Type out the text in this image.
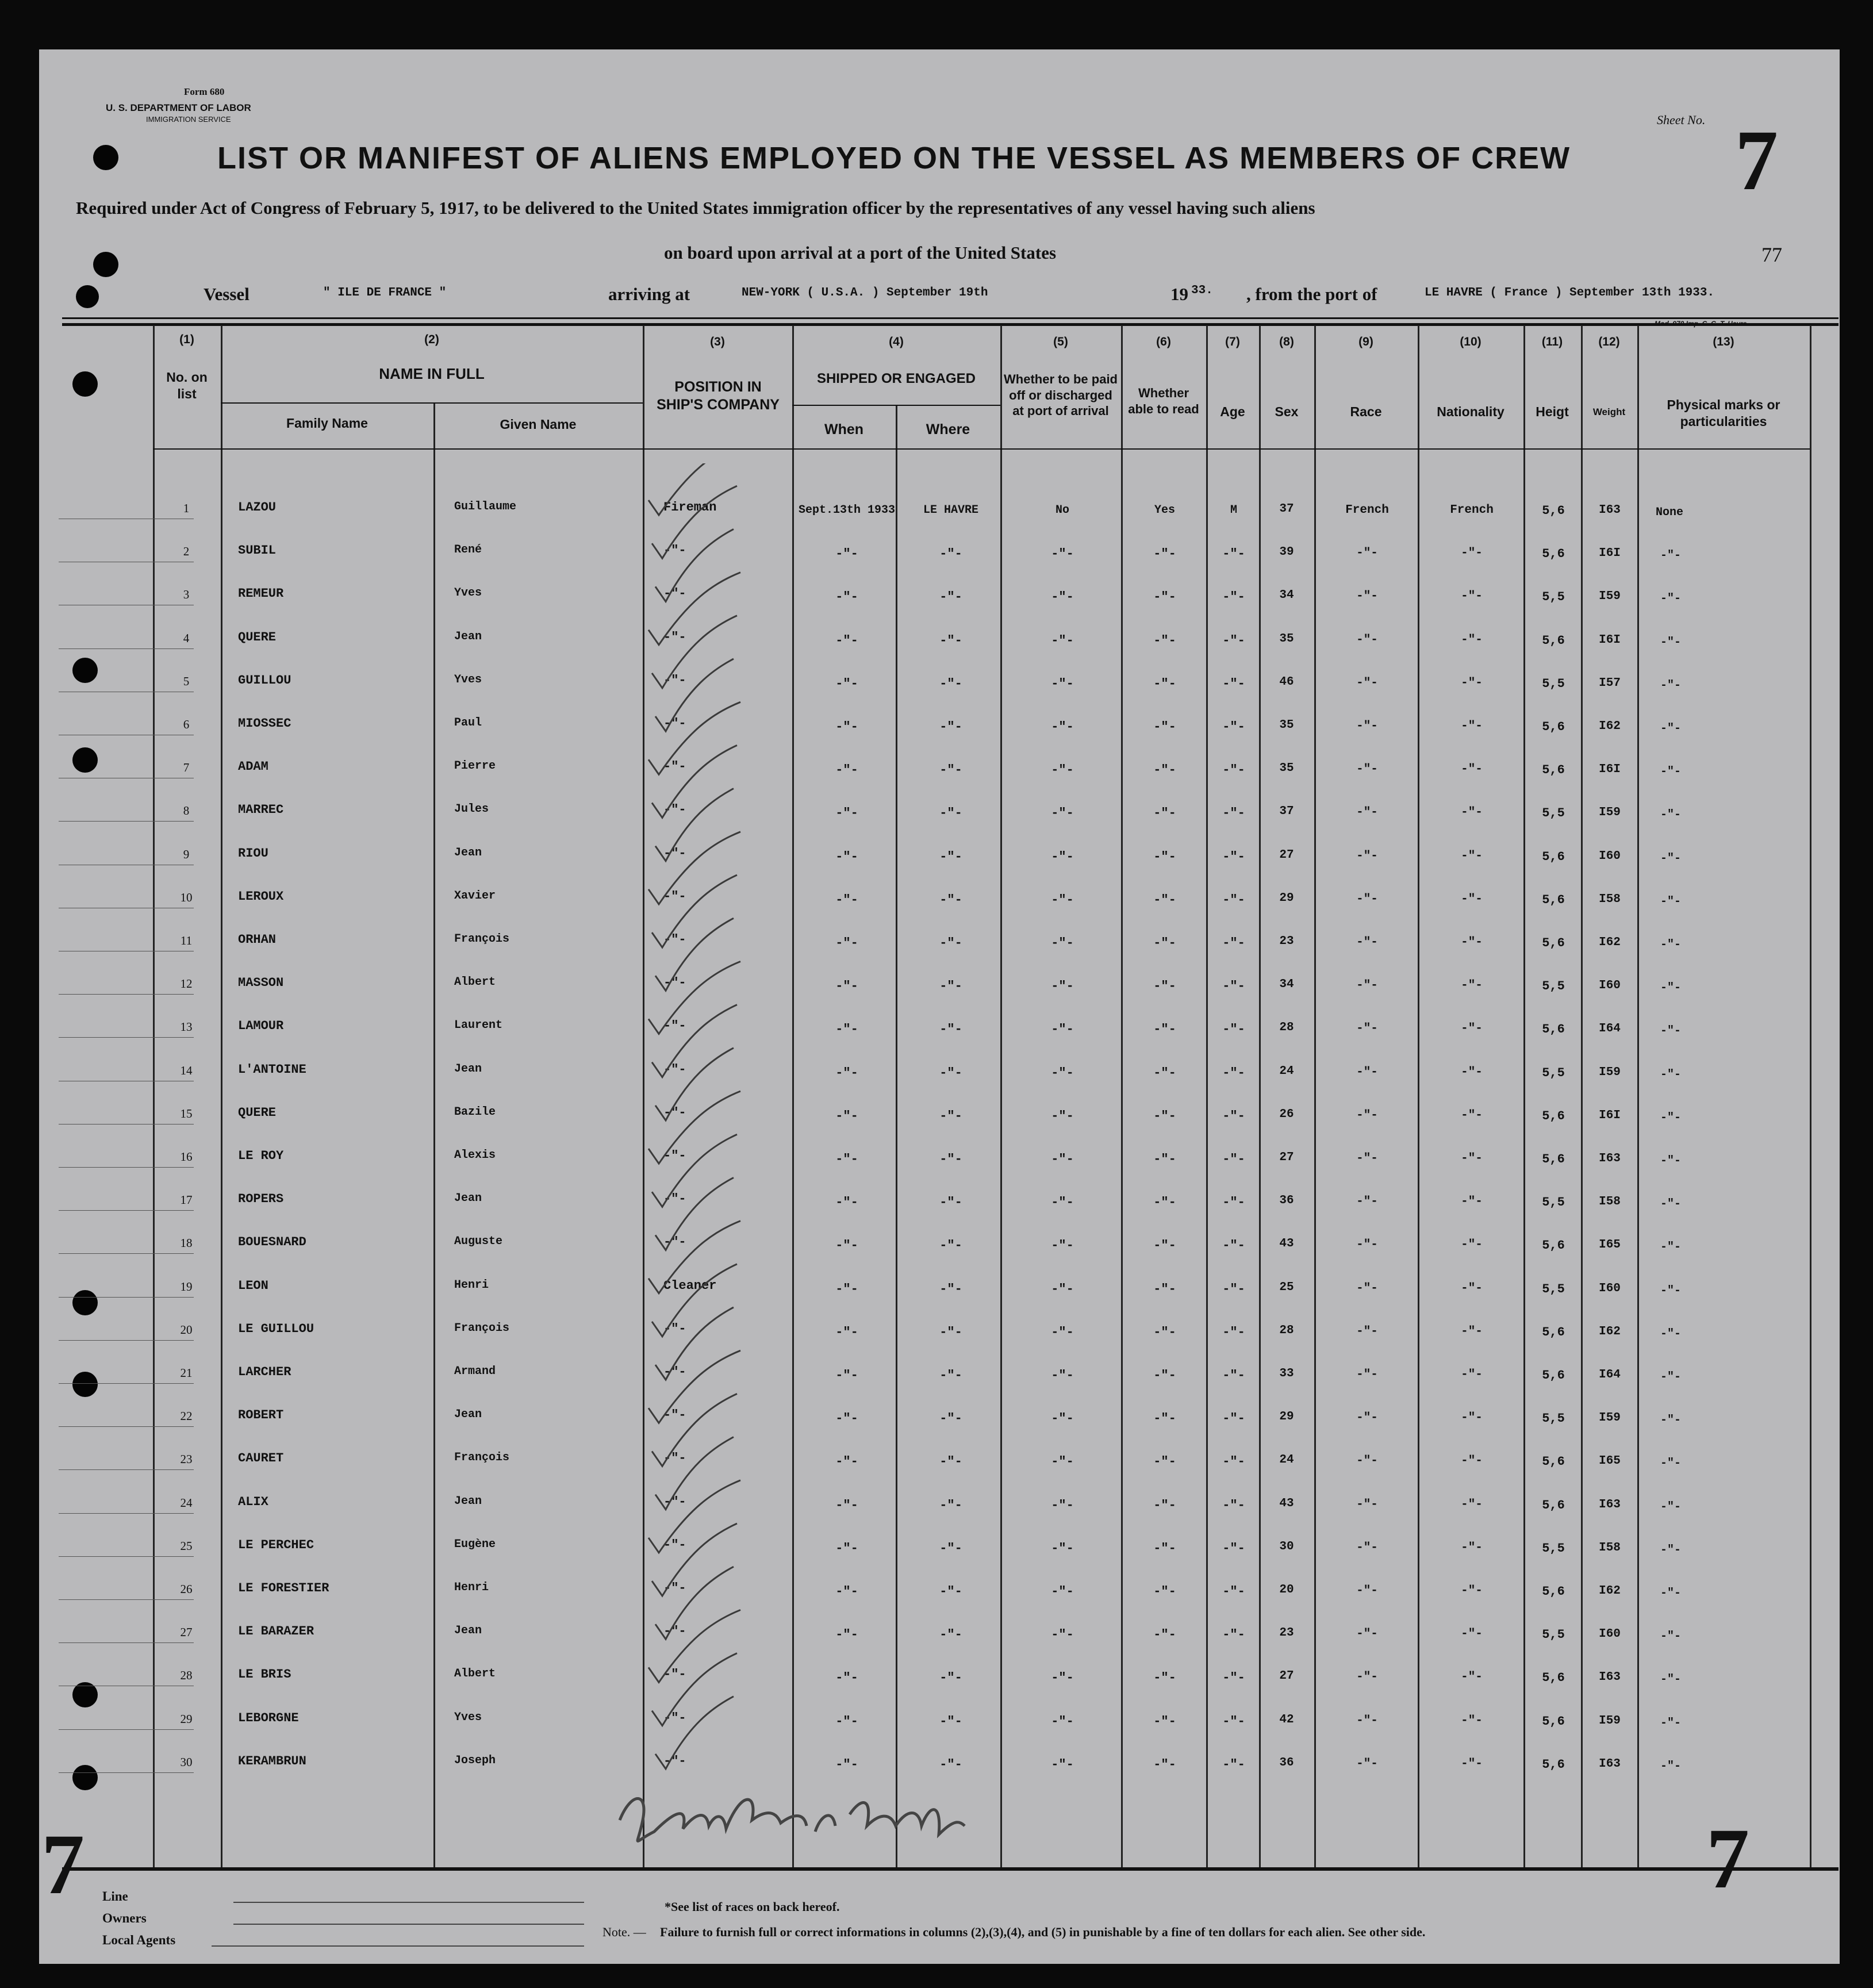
Form 680
U. S. DEPARTMENT OF LABOR
IMMIGRATION SERVICE
LIST OR MANIFEST OF ALIENS EMPLOYED ON THE VESSEL AS MEMBERS OF CREW
Sheet No. 7
Required under Act of Congress of February 5, 1917, to be delivered to the United States immigration officer by the representatives of any vessel having such aliens
on board upon arrival at a port of the United States	77
Vessel	" ILE DE FRANCE "	arriving at	NEW-YORK ( U.S.A. ) September 19th	19 33. , from the port of	LE HAVRE ( France ) September 13th 1933.
(1)
No. on list
(2)
NAME IN FULL
Family Name	Given Name
(3)
POSITION IN SHIP'S COMPANY
(4)
SHIPPED OR ENGAGED
When	Where
(5)
Whether to be paid off or discharged at port of arrival
(6)
Whether able to read
(7)
Age
(8)
Sex
(9)
Race
(10)
Nationality
(11)
Heigt
(12)
Weight
(13)
Physical marks or particularities
1	LAZOU	Guillaume	Fireman	Sept.13th 1933	LE HAVRE	No	Yes	M	37	French	French	5,6	I63	None
2	SUBIL	René	-"-	-"-	-"-	-"-	-"-	-"-	39	-"-	-"-	5,6	I6I	-"-
3	REMEUR	Yves	-"-	-"-	-"-	-"-	-"-	-"-	34	-"-	-"-	5,5	I59	-"-
4	QUERE	Jean	-"-	-"-	-"-	-"-	-"-	-"-	35	-"-	-"-	5,6	I6I	-"-
5	GUILLOU	Yves	-"-	-"-	-"-	-"-	-"-	-"-	46	-"-	-"-	5,5	I57	-"-
6	MIOSSEC	Paul	-"-	-"-	-"-	-"-	-"-	-"-	35	-"-	-"-	5,6	I62	-"-
7	ADAM	Pierre	-"-	-"-	-"-	-"-	-"-	-"-	35	-"-	-"-	5,6	I6I	-"-
8	MARREC	Jules	-"-	-"-	-"-	-"-	-"-	-"-	37	-"-	-"-	5,5	I59	-"-
9	RIOU	Jean	-"-	-"-	-"-	-"-	-"-	-"-	27	-"-	-"-	5,6	I60	-"-
10	LEROUX	Xavier	-"-	-"-	-"-	-"-	-"-	-"-	29	-"-	-"-	5,6	I58	-"-
11	ORHAN	François	-"-	-"-	-"-	-"-	-"-	-"-	23	-"-	-"-	5,6	I62	-"-
12	MASSON	Albert	-"-	-"-	-"-	-"-	-"-	-"-	34	-"-	-"-	5,5	I60	-"-
13	LAMOUR	Laurent	-"-	-"-	-"-	-"-	-"-	-"-	28	-"-	-"-	5,6	I64	-"-
14	L'ANTOINE	Jean	-"-	-"-	-"-	-"-	-"-	-"-	24	-"-	-"-	5,5	I59	-"-
15	QUERE	Bazile	-"-	-"-	-"-	-"-	-"-	-"-	26	-"-	-"-	5,6	I6I	-"-
16	LE ROY	Alexis	-"-	-"-	-"-	-"-	-"-	-"-	27	-"-	-"-	5,6	I63	-"-
17	ROPERS	Jean	-"-	-"-	-"-	-"-	-"-	-"-	36	-"-	-"-	5,5	I58	-"-
18	BOUESNARD	Auguste	-"-	-"-	-"-	-"-	-"-	-"-	43	-"-	-"-	5,6	I65	-"-
19	LEON	Henri	Cleaner	-"-	-"-	-"-	-"-	-"-	25	-"-	-"-	5,5	I60	-"-
20	LE GUILLOU	François	-"-	-"-	-"-	-"-	-"-	-"-	28	-"-	-"-	5,6	I62	-"-
21	LARCHER	Armand	-"-	-"-	-"-	-"-	-"-	-"-	33	-"-	-"-	5,6	I64	-"-
22	ROBERT	Jean	-"-	-"-	-"-	-"-	-"-	-"-	29	-"-	-"-	5,5	I59	-"-
23	CAURET	François	-"-	-"-	-"-	-"-	-"-	-"-	24	-"-	-"-	5,6	I65	-"-
24	ALIX	Jean	-"-	-"-	-"-	-"-	-"-	-"-	43	-"-	-"-	5,6	I63	-"-
25	LE PERCHEC	Eugène	-"-	-"-	-"-	-"-	-"-	-"-	30	-"-	-"-	5,5	I58	-"-
26	LE FORESTIER	Henri	-"-	-"-	-"-	-"-	-"-	-"-	20	-"-	-"-	5,6	I62	-"-
27	LE BARAZER	Jean	-"-	-"-	-"-	-"-	-"-	-"-	23	-"-	-"-	5,5	I60	-"-
28	LE BRIS	Albert	-"-	-"-	-"-	-"-	-"-	-"-	27	-"-	-"-	5,6	I63	-"-
29	LEBORGNE	Yves	-"-	-"-	-"-	-"-	-"-	-"-	42	-"-	-"-	5,6	I59	-"-
30	KERAMBRUN	Joseph	-"-	-"-	-"-	-"-	-"-	-"-	36	-"-	-"-	5,6	I63	-"-
7	7
Line
Owners
Local Agents
*See list of races on back hereof.
Note. — Failure to furnish full or correct informations in columns (2),(3),(4), and (5) in punishable by a fine of ten dollars for each alien. See other side.
